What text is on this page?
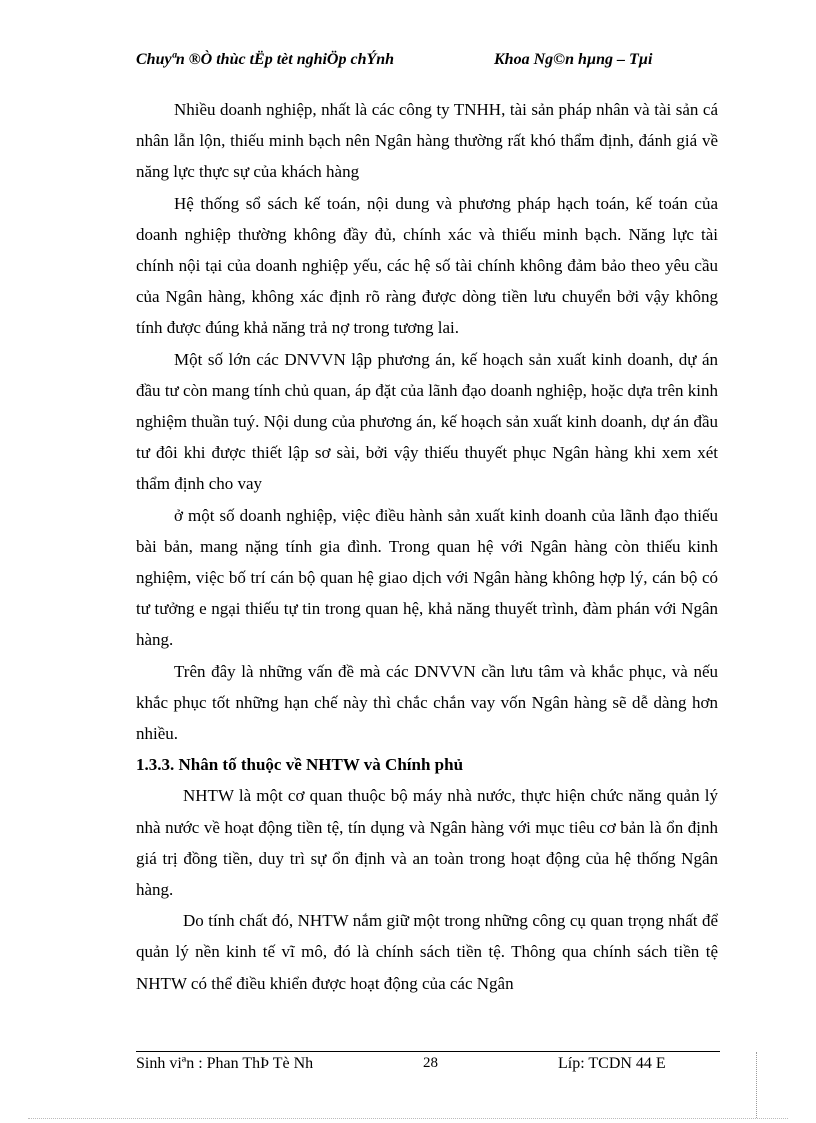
Chuyªn ®Ò thùc tËp tèt nghiÖp chÝnh	Khoa Ng©n hµng – Tµi

Nhiều doanh nghiệp, nhất là các công ty TNHH, tài sản pháp nhân và tài sản cá nhân lẫn lộn, thiếu minh bạch nên Ngân hàng thường rất khó thẩm định, đánh giá về năng lực thực sự của khách hàng

Hệ thống sổ sách kế toán, nội dung và phương pháp hạch toán, kế toán của doanh nghiệp thường không đầy đủ, chính xác và thiếu minh bạch. Năng lực tài chính nội tại của doanh nghiệp yếu, các hệ số tài chính không đảm bảo theo yêu cầu của Ngân hàng, không xác định rõ ràng được dòng tiền lưu chuyển bởi vậy không tính được đúng khả năng trả nợ trong tương lai.

Một số lớn các DNVVN lập phương án, kế hoạch sản xuất kinh doanh, dự án đầu tư còn mang tính chủ quan, áp đặt của lãnh đạo doanh nghiệp, hoặc dựa trên kinh nghiệm thuần tuý. Nội dung của phương án, kế hoạch sản xuất kinh doanh, dự án đầu tư đôi khi được thiết lập sơ sài, bởi vậy thiếu thuyết phục Ngân hàng khi xem xét thẩm định cho vay

ở một số doanh nghiệp, việc điều hành sản xuất kinh doanh của lãnh đạo thiếu bài bản, mang nặng tính gia đình. Trong quan hệ với Ngân hàng còn thiếu kinh nghiệm, việc bố trí cán bộ quan hệ giao dịch với Ngân hàng không hợp lý, cán bộ có tư tưởng e ngại thiếu tự tin trong quan hệ, khả năng thuyết trình, đàm phán với Ngân hàng.

Trên đây là những vấn đề mà các DNVVN cần lưu tâm và khắc phục, và nếu khắc phục tốt những hạn chế này thì chắc chắn vay vốn Ngân hàng sẽ dễ dàng hơn nhiều.

1.3.3. Nhân tố thuộc về NHTW và Chính phủ

NHTW là một cơ quan thuộc bộ máy nhà nước, thực hiện chức năng quản lý nhà nước về hoạt động tiền tệ, tín dụng và Ngân hàng với mục tiêu cơ bản là ổn định giá trị đồng tiền, duy trì sự ổn định và an toàn trong hoạt động của hệ thống Ngân hàng.

Do tính chất đó, NHTW nắm giữ một trong những công cụ quan trọng nhất để quản lý nền kinh tế vĩ mô, đó là chính sách tiền tệ. Thông qua chính sách tiền tệ NHTW có thể điều khiển được hoạt động của các Ngân

Sinh viªn : Phan ThÞ Tè Nh	28	Líp: TCDN 44 E
